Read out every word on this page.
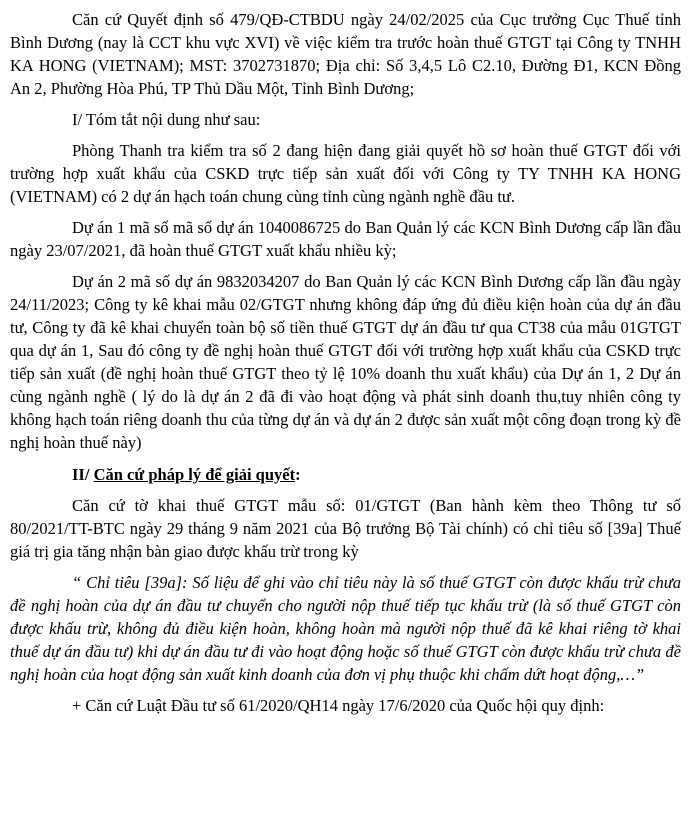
Căn cứ Quyết định số 479/QĐ-CTBDU ngày 24/02/2025 của Cục trưởng Cục Thuế tỉnh Bình Dương (nay là CCT khu vực XVI) về việc kiểm tra trước hoàn thuế GTGT tại Công ty TNHH KA HONG (VIETNAM); MST: 3702731870; Địa chỉ: Số 3,4,5 Lô C2.10, Đường Đ1, KCN Đồng An 2, Phường Hòa Phú, TP Thủ Dầu Một, Tỉnh Bình Dương;

I/ Tóm tắt nội dung như sau:

Phòng Thanh tra kiểm tra số 2 đang hiện đang giải quyết hồ sơ hoàn thuế GTGT đối với trường hợp xuất khẩu của CSKD trực tiếp sản xuất đối với Công ty TY TNHH KA HONG (VIETNAM) có 2 dự án hạch toán chung cùng tỉnh cùng ngành nghề đầu tư.

Dự án 1 mã số mã số dự án 1040086725 do Ban Quản lý các KCN Bình Dương cấp lần đầu ngày 23/07/2021, đã hoàn thuế GTGT xuất khẩu nhiều kỳ;

Dự án 2 mã số dự án 9832034207 do Ban Quản lý các KCN Bình Dương cấp lần đầu ngày 24/11/2023; Công ty kê khai mẫu 02/GTGT nhưng không đáp ứng đủ điều kiện hoàn của dự án đầu tư, Công ty đã kê khai chuyển toàn bộ số tiền thuế GTGT dự án đầu tư qua CT38 của mẫu 01GTGT qua dự án 1, Sau đó công ty đề nghị hoàn thuế GTGT đối với trường hợp xuất khẩu của CSKD trực tiếp sản xuất (đề nghị hoàn thuế GTGT theo tỷ lệ 10% doanh thu xuất khẩu) của Dự án 1, 2 Dự án cùng ngành nghề ( lý do là dự án 2 đã đi vào hoạt động và phát sinh doanh thu,tuy nhiên công ty không hạch toán riêng doanh thu của từng dự án và dự án 2 được sản xuất một công đoạn trong kỳ đề nghị hoàn thuế này)

II/ Căn cứ pháp lý để giải quyết:

Căn cứ tờ khai thuế GTGT mẫu số: 01/GTGT (Ban hành kèm theo Thông tư số 80/2021/TT-BTC ngày 29 tháng 9 năm 2021 của Bộ trưởng Bộ Tài chính) có chỉ tiêu số [39a] Thuế giá trị gia tăng nhận bàn giao được khấu trừ trong kỳ

“ Chỉ tiêu [39a]: Số liệu để ghi vào chỉ tiêu này là số thuế GTGT còn được khấu trừ chưa đề nghị hoàn của dự án đầu tư chuyển cho người nộp thuế tiếp tục khấu trừ (là số thuế GTGT còn được khấu trừ, không đủ điều kiện hoàn, không hoàn mà người nộp thuế đã kê khai riêng tờ khai thuế dự án đầu tư) khi dự án đầu tư đi vào hoạt động hoặc số thuế GTGT còn được khấu trừ chưa đề nghị hoàn của hoạt động sản xuất kinh doanh của đơn vị phụ thuộc khi chấm dứt hoạt động,…”

+ Căn cứ Luật Đầu tư số 61/2020/QH14 ngày 17/6/2020 của Quốc hội quy định:
